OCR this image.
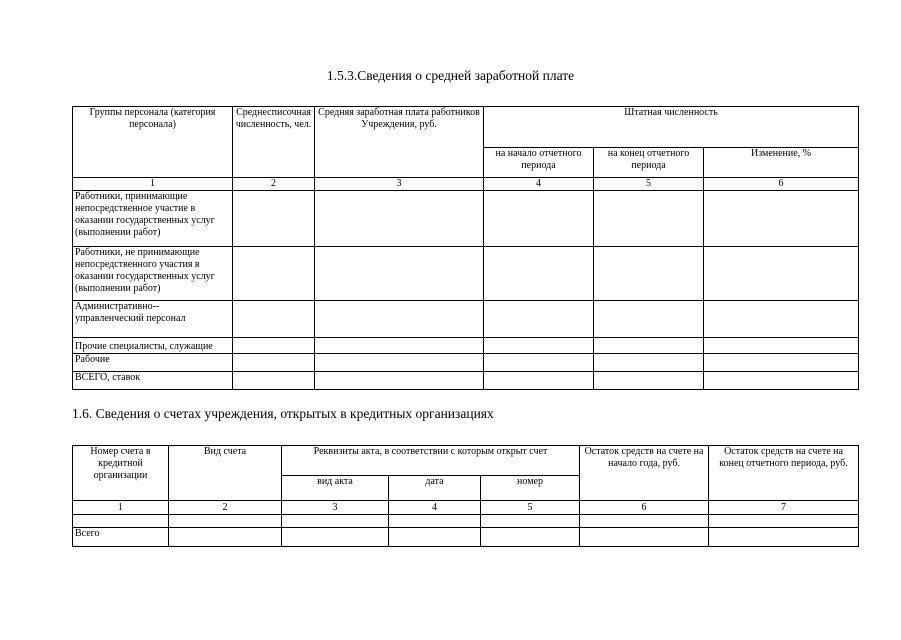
1.5.3.Сведения о средней заработной плате
Группы персонала (категория персонала)	Среднесписочная численность, чел.	Средняя заработная плата работников Учреждения, руб.	Штатная численность		
			на начало отчетного периода	на конец отчетного периода	Изменение, %
1	2	3	4	5	6
Работники, принимающие непосредственное участие в оказании государственных услуг (выполнении работ)					
Работники, не принимающие непосредственного участия в оказании государственных услуг (выполнении работ)					
Административно-- управленческий персонал					
Прочие специалисты, служащие					
Рабочие					
ВСЕГО, ставок					
1.6. Сведения о счетах учреждения, открытых в кредитных организациях
Номер счета в кредитной организации	Вид счета	Реквизиты акта, в соответствии с которым открыт счет			Остаток средств на счете на начало года, руб.	Остаток средств на счете на конец отчетного периода, руб.
		вид акта	дата	номер		
1	2	3	4	5	6	7

Всего						
